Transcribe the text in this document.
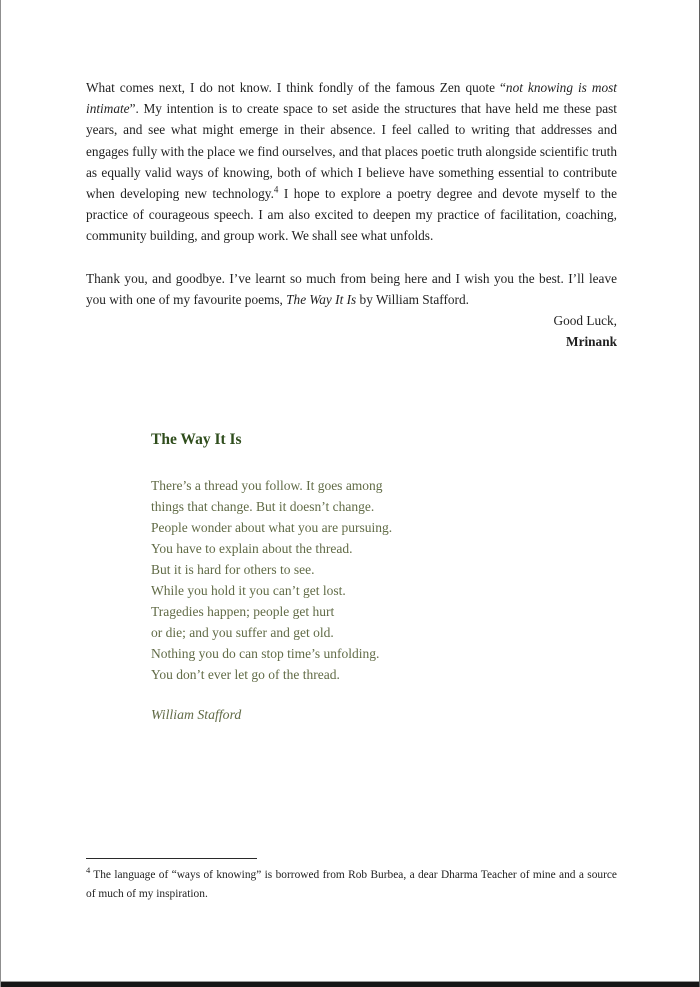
What comes next, I do not know. I think fondly of the famous Zen quote “not knowing is most intimate”. My intention is to create space to set aside the structures that have held me these past years, and see what might emerge in their absence. I feel called to writing that addresses and engages fully with the place we find ourselves, and that places poetic truth alongside scientific truth as equally valid ways of knowing, both of which I believe have something essential to contribute when developing new technology.$^4$ I hope to explore a poetry degree and devote myself to the practice of courageous speech. I am also excited to deepen my practice of facilitation, coaching, community building, and group work. We shall see what unfolds.

Thank you, and goodbye. I’ve learnt so much from being here and I wish you the best. I’ll leave you with one of my favourite poems, The Way It Is by William Stafford.

Good Luck,
Mrinank

The Way It Is
There’s a thread you follow. It goes among
things that change. But it doesn’t change.
People wonder about what you are pursuing.
You have to explain about the thread.
But it is hard for others to see.
While you hold it you can’t get lost.
Tragedies happen; people get hurt
or die; and you suffer and get old.
Nothing you do can stop time’s unfolding.
You don’t ever let go of the thread.
William Stafford
$^4$ The language of “ways of knowing” is borrowed from Rob Burbea, a dear Dharma Teacher of mine and a source of much of my inspiration.
